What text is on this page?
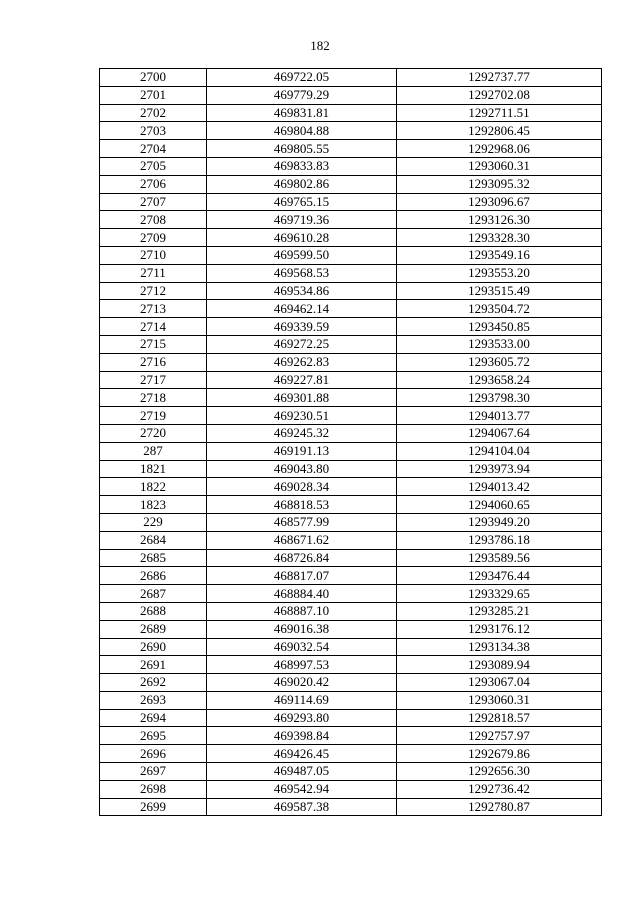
182
2700	469722.05	1292737.77
2701	469779.29	1292702.08
2702	469831.81	1292711.51
2703	469804.88	1292806.45
2704	469805.55	1292968.06
2705	469833.83	1293060.31
2706	469802.86	1293095.32
2707	469765.15	1293096.67
2708	469719.36	1293126.30
2709	469610.28	1293328.30
2710	469599.50	1293549.16
2711	469568.53	1293553.20
2712	469534.86	1293515.49
2713	469462.14	1293504.72
2714	469339.59	1293450.85
2715	469272.25	1293533.00
2716	469262.83	1293605.72
2717	469227.81	1293658.24
2718	469301.88	1293798.30
2719	469230.51	1294013.77
2720	469245.32	1294067.64
287	469191.13	1294104.04
1821	469043.80	1293973.94
1822	469028.34	1294013.42
1823	468818.53	1294060.65
229	468577.99	1293949.20
2684	468671.62	1293786.18
2685	468726.84	1293589.56
2686	468817.07	1293476.44
2687	468884.40	1293329.65
2688	468887.10	1293285.21
2689	469016.38	1293176.12
2690	469032.54	1293134.38
2691	468997.53	1293089.94
2692	469020.42	1293067.04
2693	469114.69	1293060.31
2694	469293.80	1292818.57
2695	469398.84	1292757.97
2696	469426.45	1292679.86
2697	469487.05	1292656.30
2698	469542.94	1292736.42
2699	469587.38	1292780.87
